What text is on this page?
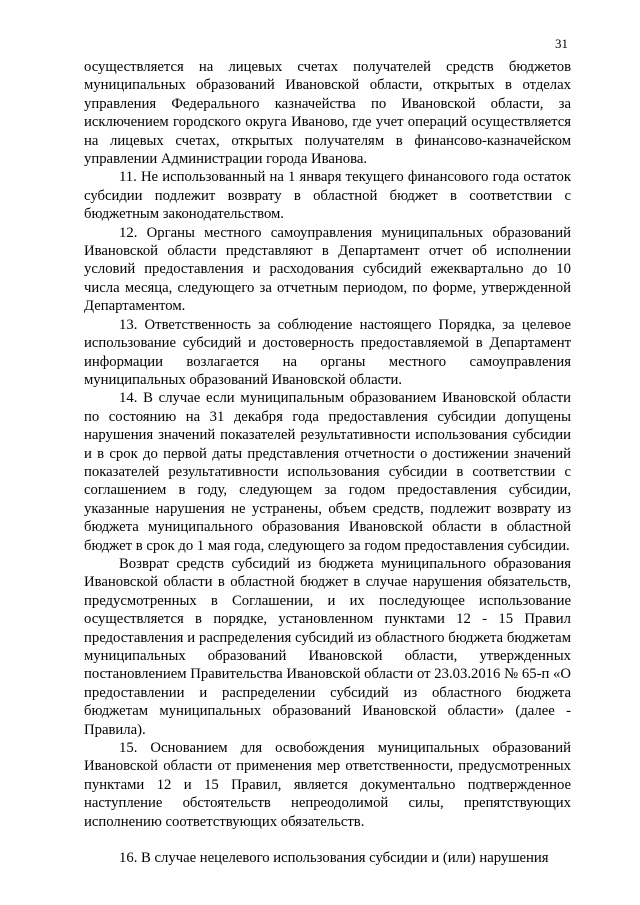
31

осуществляется на лицевых счетах получателей средств бюджетов муниципальных образований Ивановской области, открытых в отделах управления Федерального казначейства по Ивановской области, за исключением городского округа Иваново, где учет операций осуществляется на лицевых счетах, открытых получателям в финансово-казначейском управлении Администрации города Иванова.

11. Не использованный на 1 января текущего финансового года остаток субсидии подлежит возврату в областной бюджет в соответствии с бюджетным законодательством.

12. Органы местного самоуправления муниципальных образований Ивановской области представляют в Департамент отчет об исполнении условий предоставления и расходования субсидий ежеквартально до 10 числа месяца, следующего за отчетным периодом, по форме, утвержденной Департаментом.

13. Ответственность за соблюдение настоящего Порядка, за целевое использование субсидий и достоверность предоставляемой в Департамент информации возлагается на органы местного самоуправления муниципальных образований Ивановской области.

14. В случае если муниципальным образованием Ивановской области по состоянию на 31 декабря года предоставления субсидии допущены нарушения значений показателей результативности использования субсидии и в срок до первой даты представления отчетности о достижении значений показателей результативности использования субсидии в соответствии с соглашением в году, следующем за годом предоставления субсидии, указанные нарушения не устранены, объем средств, подлежит возврату из бюджета муниципального образования Ивановской области в областной бюджет в срок до 1 мая года, следующего за годом предоставления субсидии.

Возврат средств субсидий из бюджета муниципального образования Ивановской области в областной бюджет в случае нарушения обязательств, предусмотренных в Соглашении, и их последующее использование осуществляется в порядке, установленном пунктами 12 - 15 Правил предоставления и распределения субсидий из областного бюджета бюджетам муниципальных образований Ивановской области, утвержденных постановлением Правительства Ивановской области от 23.03.2016 № 65-п «О предоставлении и распределении субсидий из областного бюджета бюджетам муниципальных образований Ивановской области» (далее - Правила).

15. Основанием для освобождения муниципальных образований Ивановской области от применения мер ответственности, предусмотренных пунктами 12 и 15 Правил, является документально подтвержденное наступление обстоятельств непреодолимой силы, препятствующих исполнению соответствующих обязательств.

16. В случае нецелевого использования субсидии и (или) нарушения
